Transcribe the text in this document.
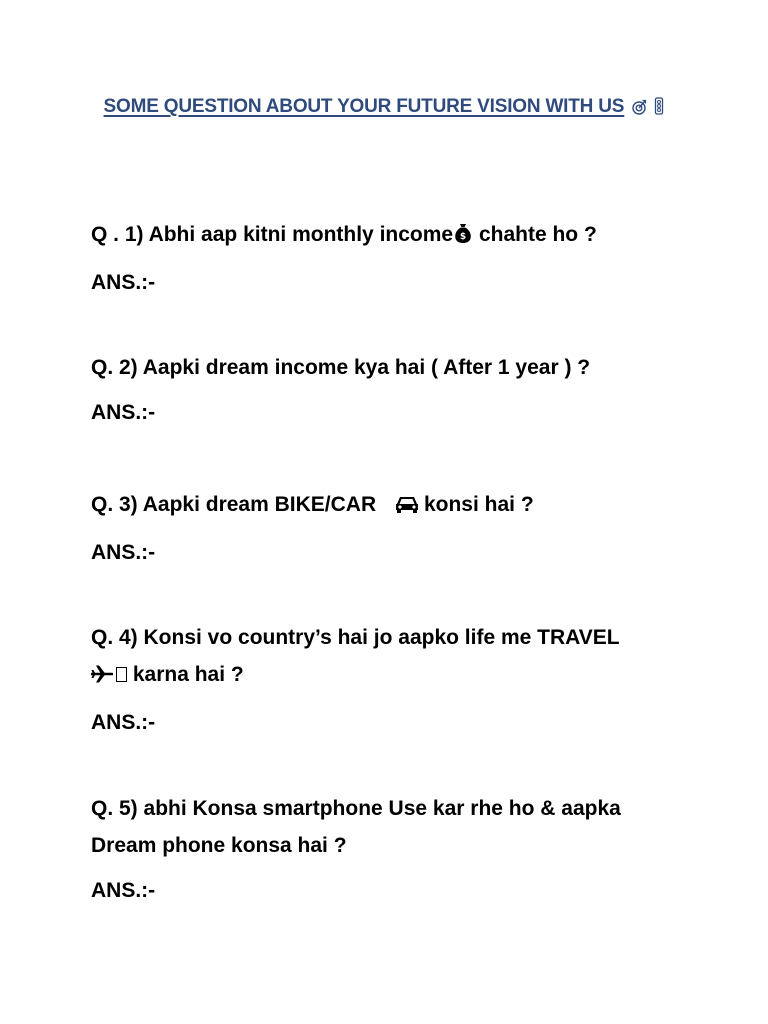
SOME QUESTION ABOUT YOUR FUTURE VISION WITH US

Q . 1) Abhi aap kitni monthly income $ chahte ho ?

ANS.:-

Q. 2) Aapki dream income kya hai ( After 1 year ) ?

ANS.:-

Q. 3) Aapki dream BIKE/CAR konsi hai ?

ANS.:-

Q. 4) Konsi vo country’s hai jo aapko life me TRAVEL
karna hai ?

ANS.:-

Q. 5) abhi Konsa smartphone Use kar rhe ho & aapka
Dream phone konsa hai ?

ANS.:-
